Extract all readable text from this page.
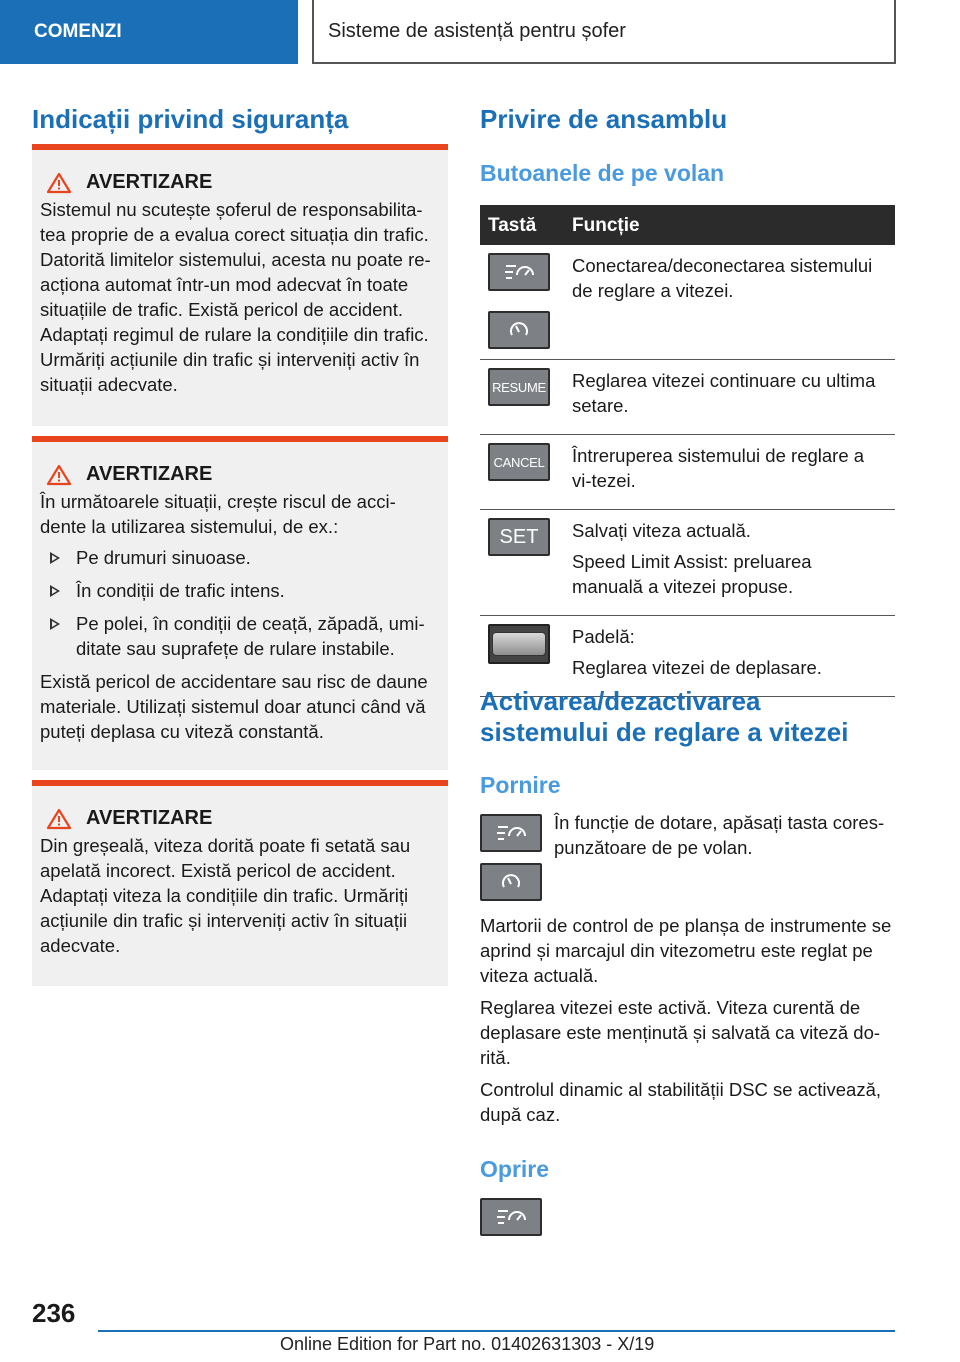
COMENZI	Sisteme de asistență pentru șofer
Indicații privind siguranța
AVERTIZARE

Sistemul nu scutește șoferul de responsabilita-tea proprie de a evalua corect situația din trafic. Datorită limitelor sistemului, acesta nu poate re-acționa automat într-un mod adecvat în toate situațiile de trafic. Există pericol de accident. Adaptați regimul de rulare la condițiile din trafic. Urmăriți acțiunile din trafic și interveniți activ în situații adecvate.

AVERTIZARE

În următoarele situații, crește riscul de acci-dente la utilizarea sistemului, de ex.:

Pe drumuri sinuoase.
În condiții de trafic intens.
Pe polei, în condiții de ceață, zăpadă, umi-ditate sau suprafețe de rulare instabile.

Există pericol de accidentare sau risc de daune materiale. Utilizați sistemul doar atunci când vă puteți deplasa cu viteză constantă.

AVERTIZARE

Din greșeală, viteza dorită poate fi setată sau apelată incorect. Există pericol de accident. Adaptați viteza la condițiile din trafic. Urmăriți acțiunile din trafic și interveniți activ în situații adecvate.

Privire de ansamblu
Butoanele de pe volan
Tastă	Funcție

Conectarea/deconectarea sistemului de reglare a vitezei.

RESUME	Reglarea vitezei continuare cu ultima setare.

CANCEL	Întreruperea sistemului de reglare a vi-tezei.

SET	Salvați viteza actuală.

Speed Limit Assist: preluarea manuală a vitezei propuse.

	Padelă:

Reglarea vitezei de deplasare.

Activarea/dezactivarea
sistemului de reglare a vitezei
Pornire
În funcție de dotare, apăsați tasta cores-punzătoare de pe volan.

Martorii de control de pe planșa de instrumente se aprind și marcajul din vitezometru este reglat pe viteza actuală.

Reglarea vitezei este activă. Viteza curentă de deplasare este menținută și salvată ca viteză do-rită.

Controlul dinamic al stabilității DSC se activează, după caz.

Oprire
236
Online Edition for Part no. 01402631303 - X/19
